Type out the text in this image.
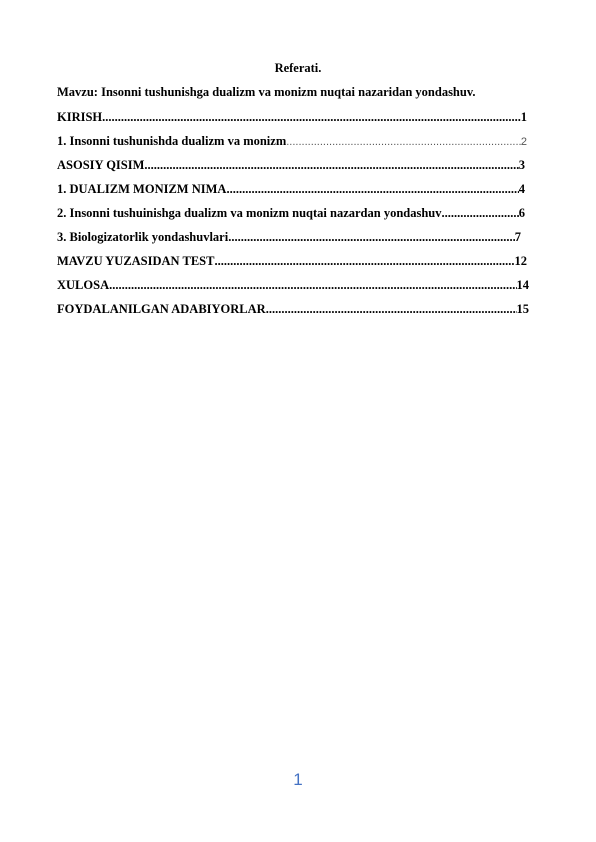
Referati.
Mavzu: Insonni tushunishga dualizm va monizm nuqtai nazaridan yondashuv.
KIRISH .....	1
1. Insonni tushunishda dualizm va monizm .....	2
ASOSIY QISIM .....	3
1. DUALIZM MONIZM NIMA .....	4
2. Insonni tushuinishga dualizm va monizm nuqtai nazardan yondashuv .....	6
3. Biologizatorlik yondashuvlari .....	7
MAVZU YUZASIDAN TEST .....	12
XULOSA .....	14
FOYDALANILGAN ADABIYORLAR .....	15
1
